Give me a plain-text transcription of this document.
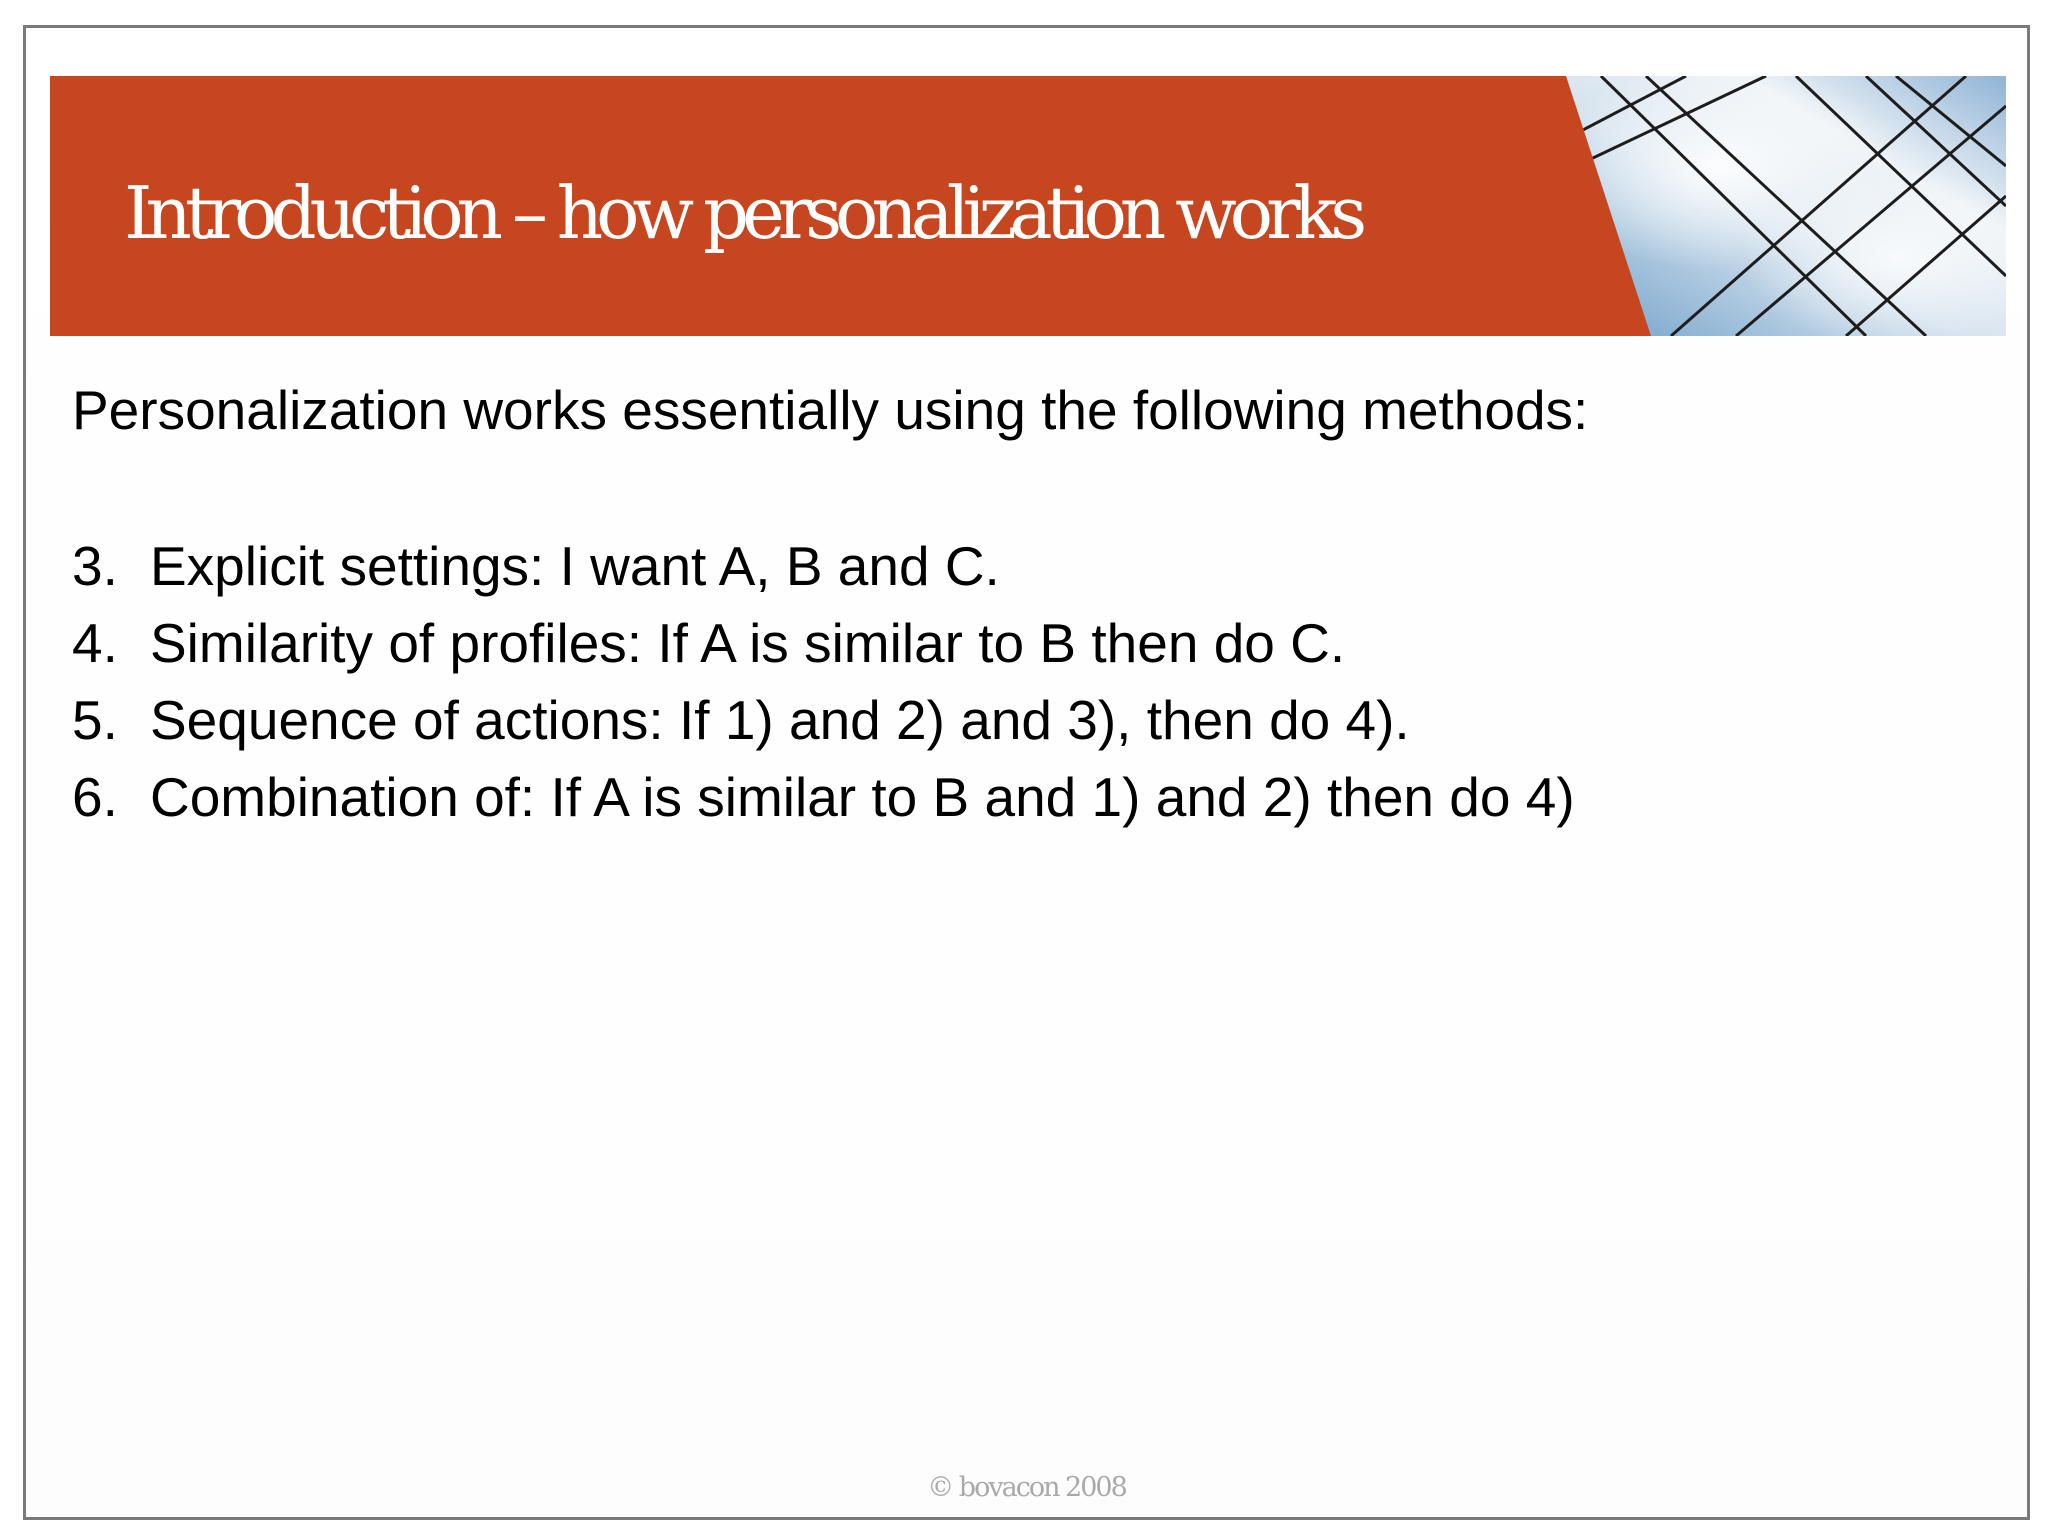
Introduction – how personalization works

Personalization works essentially using the following methods:

3. Explicit settings: I want A, B and C.
4. Similarity of profiles: If A is similar to B then do C.
5. Sequence of actions: If 1) and 2) and 3), then do 4).
6. Combination of: If A is similar to B and 1) and 2) then do 4)
© bovacon 2008
